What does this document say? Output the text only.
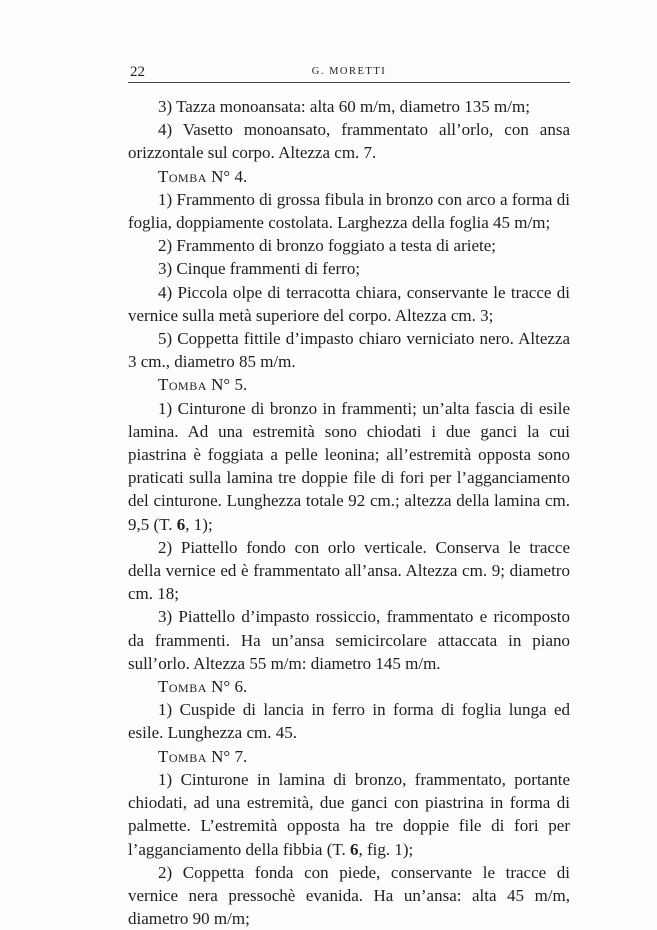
22	G. MORETTI

3) Tazza monoansata: alta 60 m/m, diametro 135 m/m;

4) Vasetto monoansato, frammentato all’orlo, con ansa orizzontale sul corpo. Altezza cm. 7.

Tomba N° 4.

1) Frammento di grossa fibula in bronzo con arco a forma di foglia, doppiamente costolata. Larghezza della foglia 45 m/m;

2) Frammento di bronzo foggiato a testa di ariete;

3) Cinque frammenti di ferro;

4) Piccola olpe di terracotta chiara, conservante le tracce di vernice sulla metà superiore del corpo. Altezza cm. 3;

5) Coppetta fittile d’impasto chiaro verniciato nero. Altezza 3 cm., diametro 85 m/m.

Tomba N° 5.

1) Cinturone di bronzo in frammenti; un’alta fascia di esile lamina. Ad una estremità sono chiodati i due ganci la cui piastrina è foggiata a pelle leonina; all’estremità opposta sono praticati sulla lamina tre doppie file di fori per l’agganciamento del cinturone. Lunghezza totale 92 cm.; altezza della lamina cm. 9,5 (T. 6, 1);

2) Piattello fondo con orlo verticale. Conserva le tracce della vernice ed è frammentato all’ansa. Altezza cm. 9; diametro cm. 18;

3) Piattello d’impasto rossiccio, frammentato e ricomposto da frammenti. Ha un’ansa semicircolare attaccata in piano sull’orlo. Altezza 55 m/m: diametro 145 m/m.

Tomba N° 6.

1) Cuspide di lancia in ferro in forma di foglia lunga ed esile. Lunghezza cm. 45.

Tomba N° 7.

1) Cinturone in lamina di bronzo, frammentato, portante chiodati, ad una estremità, due ganci con piastrina in forma di palmette. L’estremità opposta ha tre doppie file di fori per l’agganciamento della fibbia (T. 6, fig. 1);

2) Coppetta fonda con piede, conservante le tracce di vernice nera pressochè evanida. Ha un’ansa: alta 45 m/m, diametro 90 m/m;
